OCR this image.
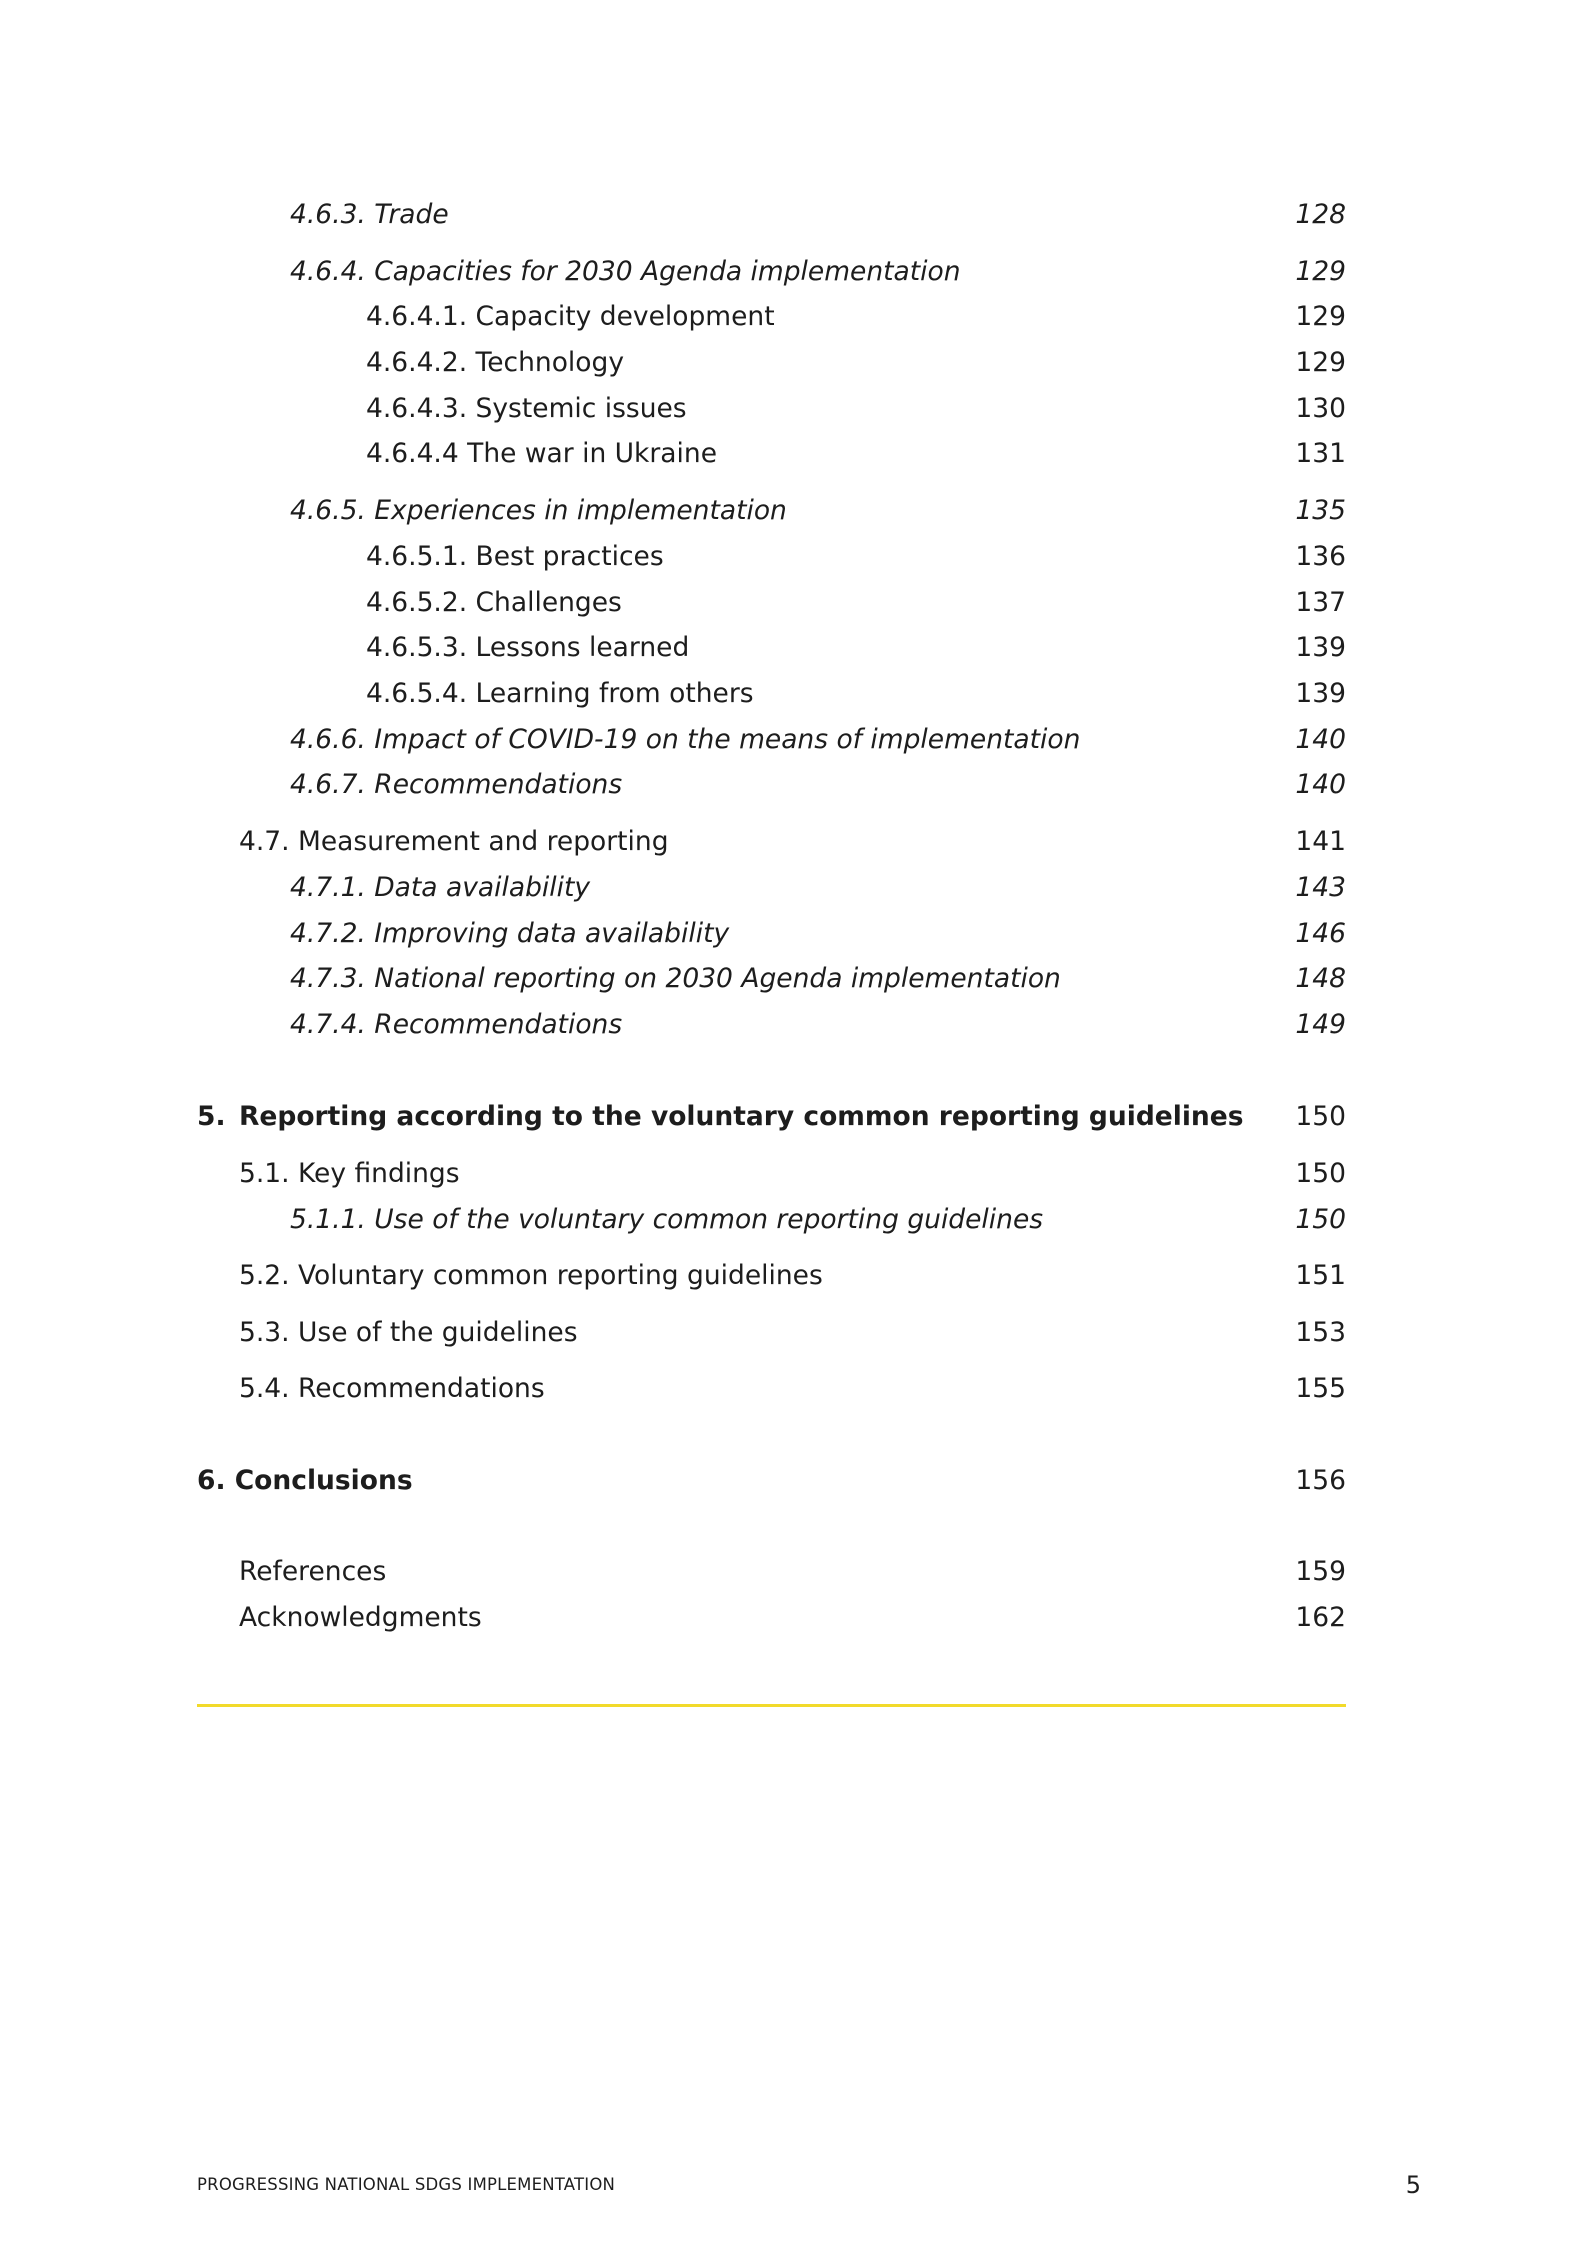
4.6.3. Trade	128
4.6.4. Capacities for 2030 Agenda implementation	129
4.6.4.1. Capacity development	129
4.6.4.2. Technology	129
4.6.4.3. Systemic issues	130
4.6.4.4 The war in Ukraine	131
4.6.5. Experiences in implementation	135
4.6.5.1. Best practices	136
4.6.5.2. Challenges	137
4.6.5.3. Lessons learned	139
4.6.5.4. Learning from others	139
4.6.6. Impact of COVID-19 on the means of implementation	140
4.6.7. Recommendations	140
4.7. Measurement and reporting	141
4.7.1. Data availability	143
4.7.2. Improving data availability	146
4.7.3. National reporting on 2030 Agenda implementation	148
4.7.4. Recommendations	149
5. Reporting according to the voluntary common reporting guidelines 150
5.1. Key findings	150
5.1.1. Use of the voluntary common reporting guidelines	150
5.2. Voluntary common reporting guidelines	151
5.3. Use of the guidelines	153
5.4. Recommendations	155
6. Conclusions	156
References	159
Acknowledgments	162
PROGRESSING NATIONAL SDGS IMPLEMENTATION	5
